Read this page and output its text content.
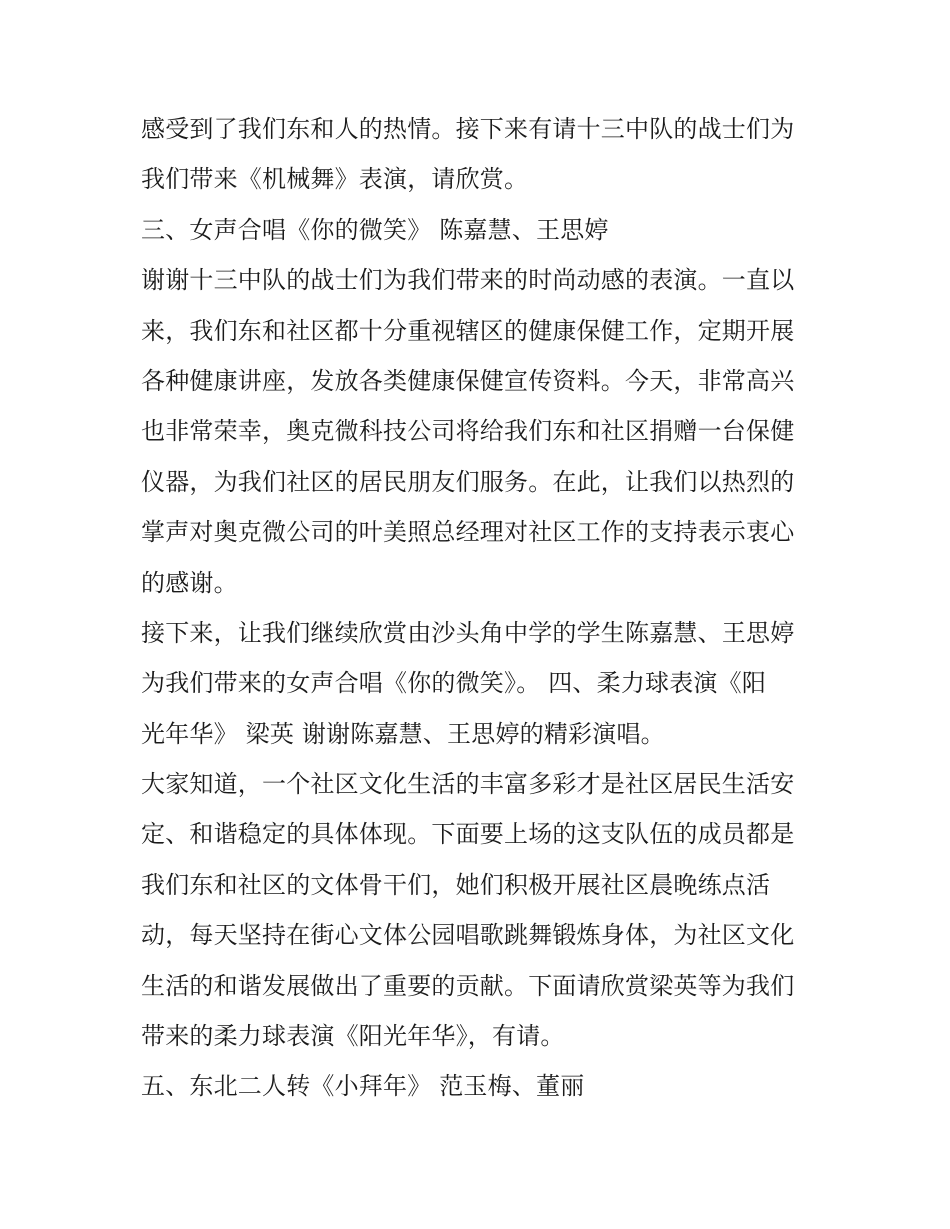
感受到了我们东和人的热情。接下来有请十三中队的战士们为
我们带来《机械舞》表演，请欣赏。
三、女声合唱《你的微笑》 陈嘉慧、王思婷
谢谢十三中队的战士们为我们带来的时尚动感的表演。一直以
来，我们东和社区都十分重视辖区的健康保健工作，定期开展
各种健康讲座，发放各类健康保健宣传资料。今天，非常高兴
也非常荣幸，奥克微科技公司将给我们东和社区捐赠一台保健
仪器，为我们社区的居民朋友们服务。在此，让我们以热烈的
掌声对奥克微公司的叶美照总经理对社区工作的支持表示衷心
的感谢。
接下来，让我们继续欣赏由沙头角中学的学生陈嘉慧、王思婷
为我们带来的女声合唱《你的微笑》。 四、柔力球表演《阳
光年华》 梁英 谢谢陈嘉慧、王思婷的精彩演唱。
大家知道，一个社区文化生活的丰富多彩才是社区居民生活安
定、和谐稳定的具体体现。下面要上场的这支队伍的成员都是
我们东和社区的文体骨干们，她们积极开展社区晨晚练点活
动，每天坚持在街心文体公园唱歌跳舞锻炼身体，为社区文化
生活的和谐发展做出了重要的贡献。下面请欣赏梁英等为我们
带来的柔力球表演《阳光年华》，有请。
五、东北二人转《小拜年》 范玉梅、董丽
